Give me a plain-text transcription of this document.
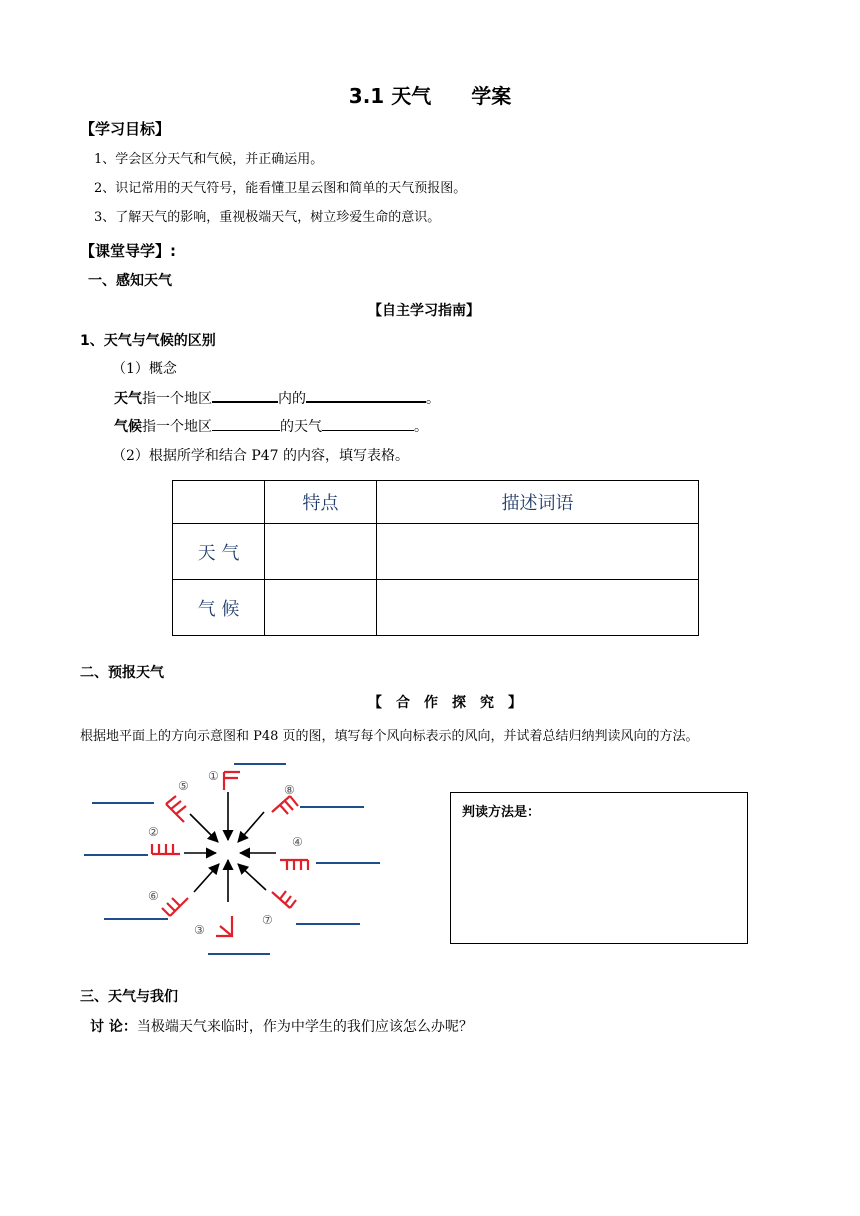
3.1 天气　　学案
【学习目标】
1、学会区分天气和气候，并正确运用。
2、识记常用的天气符号，能看懂卫星云图和简单的天气预报图。
3、了解天气的影响，重视极端天气，树立珍爱生命的意识。
【课堂导学】:
一、感知天气
【自主学习指南】
1、天气与气候的区别
（1）概念
天气指一个地区	内的	。
气候指一个地区	的天气	。
（2）根据所学和结合 P47 的内容，填写表格。
	特点	描述词语
天 气		
气 候		
二、预报天气
【　合　作　探　究　】
根据地平面上的方向示意图和 P48 页的图，填写每个风向标表示的风向，并试着总结归纳判读风向的方法。
①
②
③
④
⑤
⑥
⑦
⑧
判读方法是：
三、天气与我们
讨 论：当极端天气来临时，作为中学生的我们应该怎么办呢？
